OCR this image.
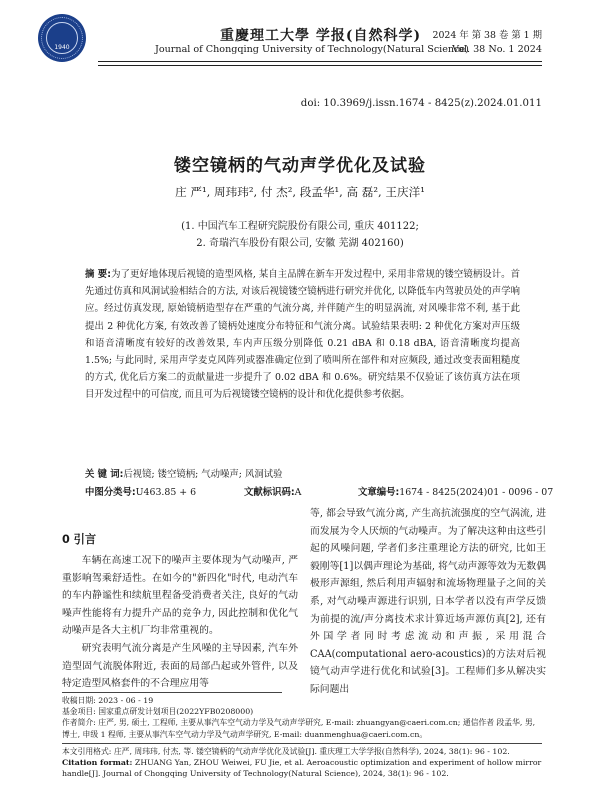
1940
重慶理工大學 学报(自然科学)
Journal of Chongqing University of Technology(Natural Science)
2024 年 第 38 卷 第 1 期
Vol. 38 No. 1 2024
doi: 10.3969/j.issn.1674 - 8425(z).2024.01.011
镂空镜柄的气动声学优化及试验
庄 严¹, 周玮玮², 付 杰², 段孟华¹, 高 磊², 王庆洋¹
(1. 中国汽车工程研究院股份有限公司, 重庆 401122;
2. 奇瑞汽车股份有限公司, 安徽 芜湖 402160)
摘 要:为了更好地体现后视镜的造型风格, 某自主品牌在新车开发过程中, 采用非常规的镂空镜柄设计。首先通过仿真和风洞试验相结合的方法, 对该后视镜镂空镜柄进行研究并优化, 以降低车内驾驶员处的声学响应。经过仿真发现, 原始镜柄造型存在严重的气流分离, 并伴随产生的明显涡流, 对风噪非常不利, 基于此提出 2 种优化方案, 有效改善了镜柄处速度分布特征和气流分离。试验结果表明: 2 种优化方案对声压级和语音清晰度有较好的改善效果, 车内声压级分别降低 0.21 dBA 和 0.18 dBA, 语音清晰度均提高 1.5%; 与此同时, 采用声学麦克风阵列或器准确定位到了喷叫所在部件和对应频段, 通过改变表面粗糙度的方式, 优化后方案二的贡献量进一步提升了 0.02 dBA 和 0.6%。研究结果不仅验证了该仿真方法在项目开发过程中的可信度, 而且可为后视镜镂空镜柄的设计和优化提供参考依据。
关 键 词:后视镜; 镂空镜柄; 气动噪声; 风洞试验
中图分类号:U463.85 + 6	文献标识码:A	文章编号:1674 - 8425(2024)01 - 0096 - 07
0 引言

车辆在高速工况下的噪声主要体现为气动噪声, 严重影响驾乘舒适性。在如今的"新四化"时代, 电动汽车的车内静谧性和续航里程备受消费者关注, 良好的气动噪声性能将有力提升产品的竞争力, 因此控制和优化气动噪声是各大主机厂均非常重视的。

研究表明气流分离是产生风噪的主导因素, 汽车外造型固气流脱体附近, 表面的局部凸起或外管件, 以及特定造型风格套件的不合理应用等

等, 都会导致气流分离, 产生高抗流强度的空气涡流, 进而发展为令人厌烦的气动噪声。为了解决这种由这些引起的风噪问题, 学者们多注重理论方法的研究, 比如王毅刚等[1]以偶声理论为基础, 将气动声源等效为无数偶极形声源组, 然后利用声辐射和流场物理量子之间的关系, 对气动噪声源进行识别, 日本学者以没有声学反馈为前提的流/声分离技术求计算近场声源仿真[2], 还有外国学者同时考虑流动和声振, 采用混合 CAA(computational aero-acoustics)的方法对后视镜气动声学进行优化和试验[3]。工程师们多从解决实际问题出

收稿日期: 2023 - 06 - 19
基金项目: 国家重点研发计划项目(2022YFB0208000)
作者简介: 庄严, 男, 硕士, 工程师, 主要从事汽车空气动力学及气动声学研究, E-mail: zhuangyan@caeri.com.cn; 通信作者 段孟华, 男, 博士, 申级 1 程师, 主要从事汽车空气动力学及气动声学研究, E-mail: duanmenghua@caeri.com.cn。
本文引用格式: 庄严, 周玮玮, 付杰, 等. 镂空镜柄的气动声学优化及试验[J]. 重庆理工大学学报(自然科学), 2024, 38(1): 96 - 102.
Citation format: ZHUANG Yan, ZHOU Weiwei, FU Jie, et al. Aeroacoustic optimization and experiment of hollow mirror handle[J]. Journal of Chongqing University of Technology(Natural Science), 2024, 38(1): 96 - 102.
